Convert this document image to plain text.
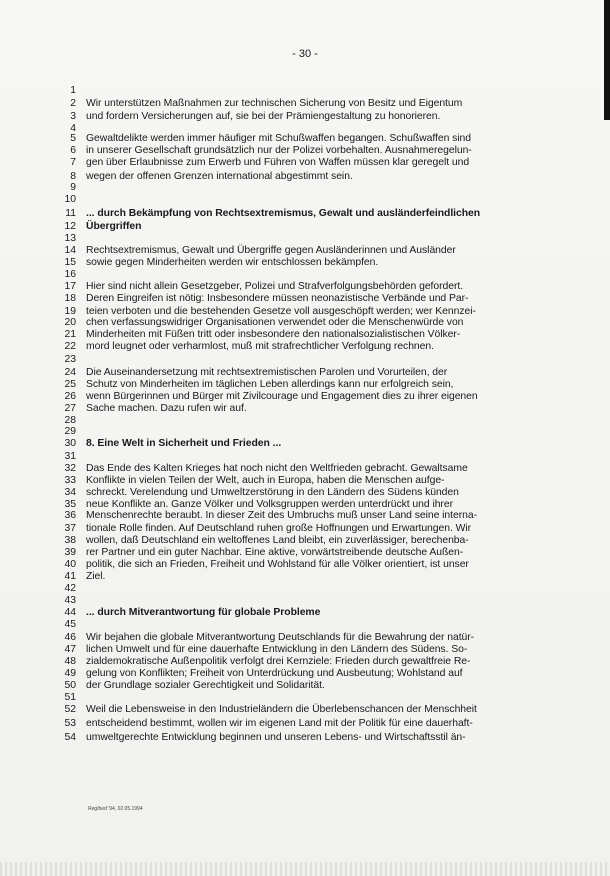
- 30 -
1
2 Wir unterstützen Maßnahmen zur technischen Sicherung von Besitz und Eigentum
3 und fordern Versicherungen auf, sie bei der Prämiengestaltung zu honorieren.
4
5 Gewaltdelikte werden immer häufiger mit Schußwaffen begangen. Schußwaffen sind
6 in unserer Gesellschaft grundsätzlich nur der Polizei vorbehalten. Ausnahmeregelun-
7 gen über Erlaubnisse zum Erwerb und Führen von Waffen müssen klar geregelt und
8 wegen der offenen Grenzen international abgestimmt sein.
9
10
11 ... durch Bekämpfung von Rechtsextremismus, Gewalt und ausländerfeindlichen
12 Übergriffen
13
14 Rechtsextremismus, Gewalt und Übergriffe gegen Ausländerinnen und Ausländer
15 sowie gegen Minderheiten werden wir entschlossen bekämpfen.
16
17 Hier sind nicht allein Gesetzgeber, Polizei und Strafverfolgungsbehörden gefordert.
18 Deren Eingreifen ist nötig: Insbesondere müssen neonazistische Verbände und Par-
19 teien verboten und die bestehenden Gesetze voll ausgeschöpft werden; wer Kennzei-
20 chen verfassungswidriger Organisationen verwendet oder die Menschenwürde von
21 Minderheiten mit Füßen tritt oder insbesondere den nationalsozialistischen Völker-
22 mord leugnet oder verharmlost, muß mit strafrechtlicher Verfolgung rechnen.
23
24 Die Auseinandersetzung mit rechtsextremistischen Parolen und Vorurteilen, der
25 Schutz von Minderheiten im täglichen Leben allerdings kann nur erfolgreich sein,
26 wenn Bürgerinnen und Bürger mit Zivilcourage und Engagement dies zu ihrer eigenen
27 Sache machen. Dazu rufen wir auf.
28
29
30 8. Eine Welt in Sicherheit und Frieden ...
31
32 Das Ende des Kalten Krieges hat noch nicht den Weltfrieden gebracht. Gewaltsame
33 Konflikte in vielen Teilen der Welt, auch in Europa, haben die Menschen aufge-
34 schreckt. Verelendung und Umweltzerstörung in den Ländern des Südens künden
35 neue Konflikte an. Ganze Völker und Volksgruppen werden unterdrückt und ihrer
36 Menschenrechte beraubt. In dieser Zeit des Umbruchs muß unser Land seine interna-
37 tionale Rolle finden. Auf Deutschland ruhen große Hoffnungen und Erwartungen. Wir
38 wollen, daß Deutschland ein weltoffenes Land bleibt, ein zuverlässiger, berechenba-
39 rer Partner und ein guter Nachbar. Eine aktive, vorwärtstreibende deutsche Außen-
40 politik, die sich an Frieden, Freiheit und Wohlstand für alle Völker orientiert, ist unser
41 Ziel.
42
43
44 ... durch Mitverantwortung für globale Probleme
45
46 Wir bejahen die globale Mitverantwortung Deutschlands für die Bewahrung der natür-
47 lichen Umwelt und für eine dauerhafte Entwicklung in den Ländern des Südens. So-
48 zialdemokratische Außenpolitik verfolgt drei Kernziele: Frieden durch gewaltfreie Re-
49 gelung von Konflikten; Freiheit von Unterdrückung und Ausbeutung; Wohlstand auf
50 der Grundlage sozialer Gerechtigkeit und Solidarität.
51
52 Weil die Lebensweise in den Industrieländern die Überlebenschancen der Menschheit
53 entscheidend bestimmt, wollen wir im eigenen Land mit der Politik für eine dauerhaft-
54 umweltgerechte Entwicklung beginnen und unseren Lebens- und Wirtschaftsstil än-
Reg/bed '94, 02.05.1994
